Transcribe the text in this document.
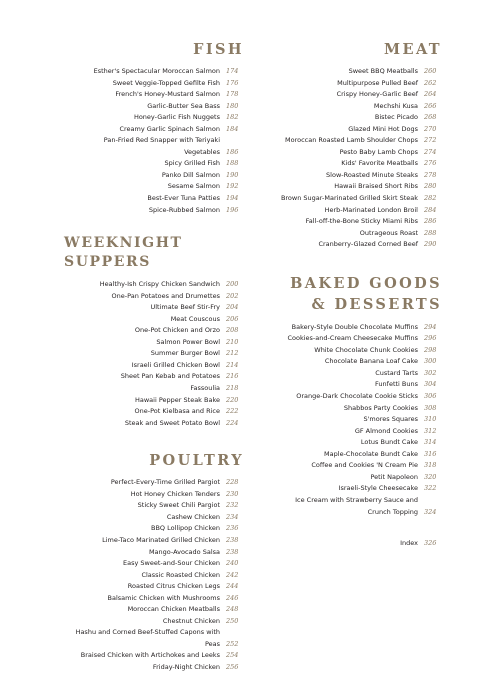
FISH
Esther's Spectacular Moroccan Salmon 174
Sweet Veggie-Topped Gefilte Fish 176
French's Honey-Mustard Salmon 178
Garlic-Butter Sea Bass 180
Honey-Garlic Fish Nuggets 182
Creamy Garlic Spinach Salmon 184
Pan-Fried Red Snapper with Teriyaki Vegetables 186
Spicy Grilled Fish 188
Panko Dill Salmon 190
Sesame Salmon 192
Best-Ever Tuna Patties 194
Spice-Rubbed Salmon 196
WEEKNIGHT SUPPERS
Healthy-Ish Crispy Chicken Sandwich 200
One-Pan Potatoes and Drumettes 202
Ultimate Beef Stir-Fry 204
Meat Couscous 206
One-Pot Chicken and Orzo 208
Salmon Power Bowl 210
Summer Burger Bowl 212
Israeli Grilled Chicken Bowl 214
Sheet Pan Kebab and Potatoes 216
Fassoulia 218
Hawaii Pepper Steak Bake 220
One-Pot Kielbasa and Rice 222
Steak and Sweet Potato Bowl 224
POULTRY
Perfect-Every-Time Grilled Pargiot 228
Hot Honey Chicken Tenders 230
Sticky Sweet Chili Pargiot 232
Cashew Chicken 234
BBQ Lollipop Chicken 236
Lime-Taco Marinated Grilled Chicken 238
Mango-Avocado Salsa 238
Easy Sweet-and-Sour Chicken 240
Classic Roasted Chicken 242
Roasted Citrus Chicken Legs 244
Balsamic Chicken with Mushrooms 246
Moroccan Chicken Meatballs 248
Chestnut Chicken 250
Hashu and Corned Beef-Stuffed Capons with Peas 252
Braised Chicken with Artichokes and Leeks 254
Friday-Night Chicken 256
MEAT
Sweet BBQ Meatballs 260
Multipurpose Pulled Beef 262
Crispy Honey-Garlic Beef 264
Mechshi Kusa 266
Bistec Picado 268
Glazed Mini Hot Dogs 270
Moroccan Roasted Lamb Shoulder Chops 272
Pesto Baby Lamb Chops 274
Kids' Favorite Meatballs 276
Slow-Roasted Minute Steaks 278
Hawaii Braised Short Ribs 280
Brown Sugar-Marinated Grilled Skirt Steak 282
Herb-Marinated London Broil 284
Fall-off-the-Bone Sticky Miami Ribs 286
Outrageous Roast 288
Cranberry-Glazed Corned Beef 290
BAKED GOODS
& DESSERTS
Bakery-Style Double Chocolate Muffins 294
Cookies-and-Cream Cheesecake Muffins 296
White Chocolate Chunk Cookies 298
Chocolate Banana Loaf Cake 300
Custard Tarts 302
Funfetti Buns 304
Orange-Dark Chocolate Cookie Sticks 306
Shabbos Party Cookies 308
S'mores Squares 310
GF Almond Cookies 312
Lotus Bundt Cake 314
Maple-Chocolate Bundt Cake 316
Coffee and Cookies 'N Cream Pie 318
Petit Napoleon 320
Israeli-Style Cheesecake 322
Ice Cream with Strawberry Sauce and Crunch Topping 324
Index 326
